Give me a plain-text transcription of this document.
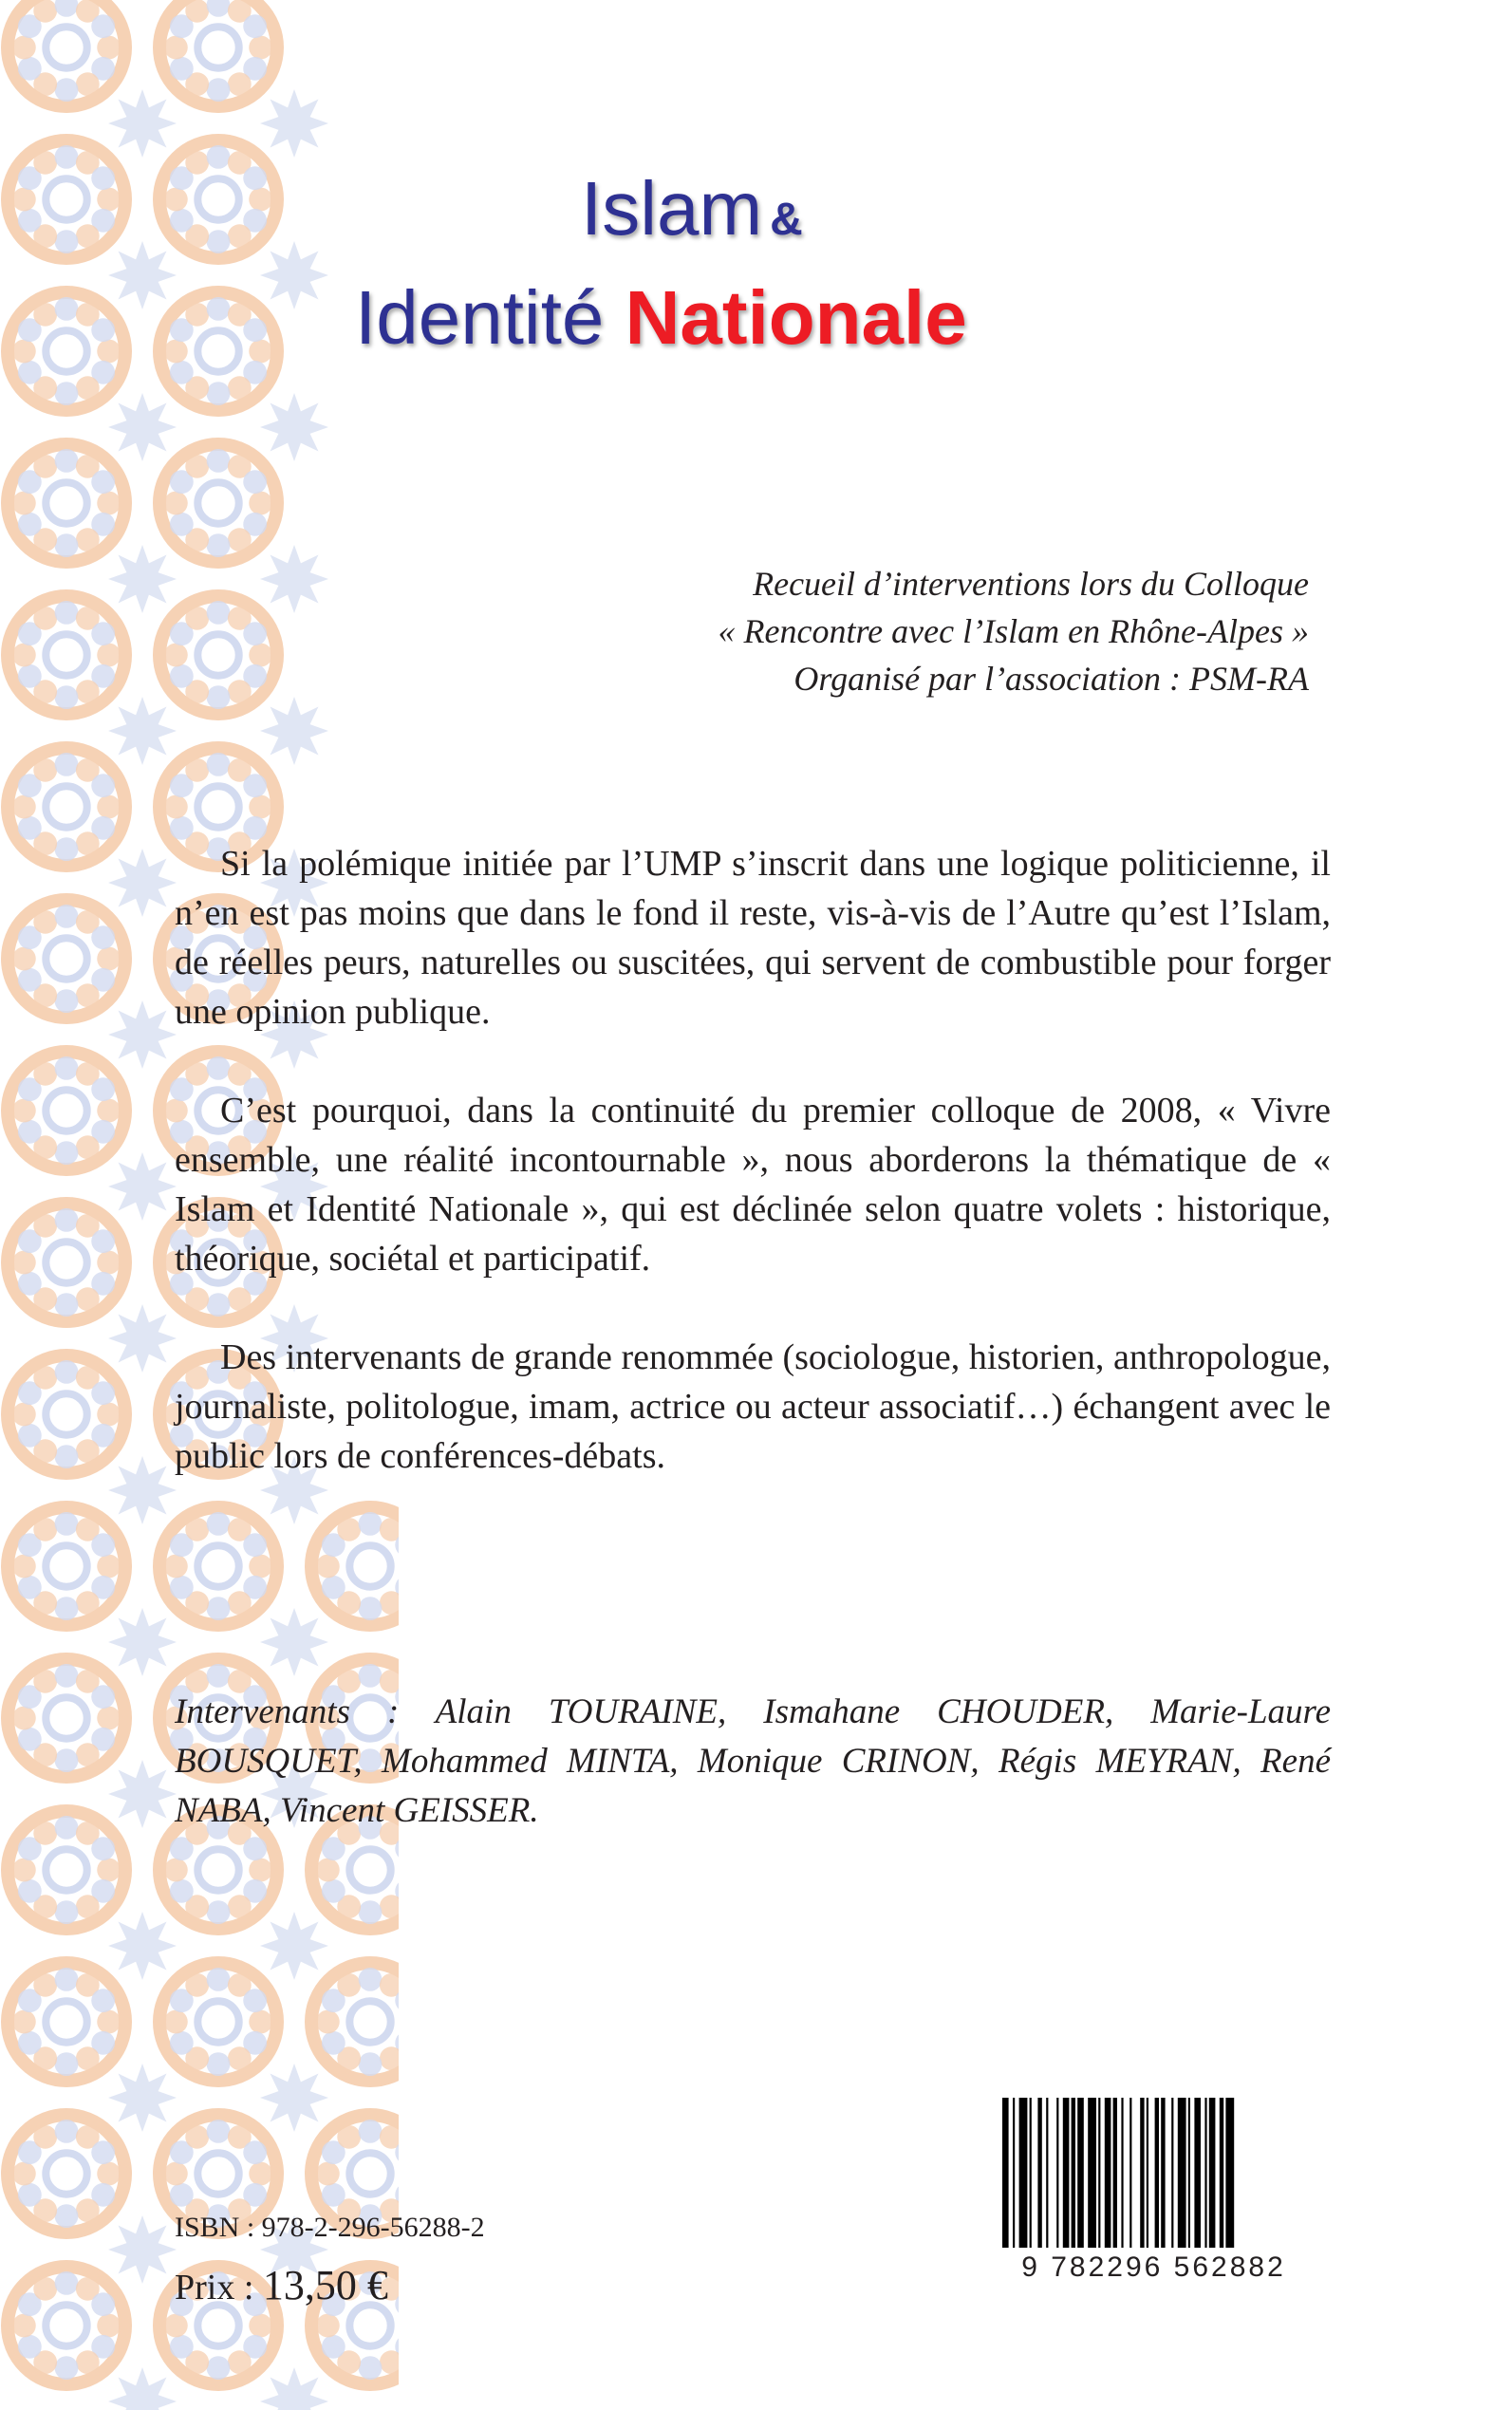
Islam &
Identité Nationale
Recueil d’interventions lors du Colloque
« Rencontre avec l’Islam en Rhône-Alpes »
Organisé par l’association : PSM-RA

Si la polémique initiée par l’UMP s’inscrit dans une logique politicienne, il n’en est pas moins que dans le fond il reste, vis-à-vis de l’Autre qu’est l’Islam, de réelles peurs, naturelles ou suscitées, qui servent de combustible pour forger une opinion publique.

C’est pourquoi, dans la continuité du premier colloque de 2008, « Vivre ensemble, une réalité incontournable », nous aborderons la thématique de « Islam et Identité Nationale », qui est déclinée selon quatre volets : historique, théorique, sociétal et participatif.

Des intervenants de grande renommée (sociologue, historien, anthropologue, journaliste, politologue, imam, actrice ou acteur associatif…) échangent avec le public lors de conférences-débats.

Intervenants : Alain TOURAINE, Ismahane CHOUDER, Marie-Laure BOUSQUET, Mohammed MINTA, Monique CRINON, Régis MEYRAN, René NABA, Vincent GEISSER.
9 782296 562882
ISBN : 978-2-296-56288-2
Prix : 13,50 €
